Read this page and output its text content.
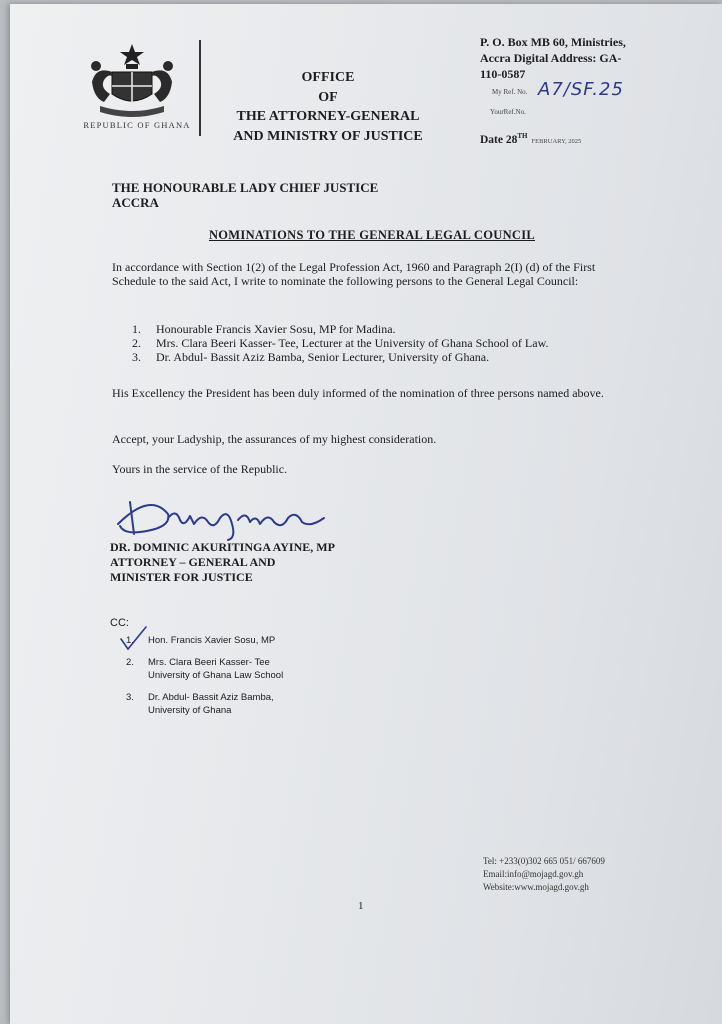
REPUBLIC OF GHANA
OFFICE
OF
THE ATTORNEY-GENERAL
AND MINISTRY OF JUSTICE
P. O. Box MB 60, Ministries,
Accra Digital Address: GA-
110-0587
My Ref. No. A7/SF.25
YourRef.No.
Date 28THFEBRUARY, 2025
THE HONOURABLE LADY CHIEF JUSTICE
ACCRA
NOMINATIONS TO THE GENERAL LEGAL COUNCIL
In accordance with Section 1(2) of the Legal Profession Act, 1960 and Paragraph 2(I) (d) of the First Schedule to the said Act, I write to nominate the following persons to the General Legal Council:
1. Honourable Francis Xavier Sosu, MP for Madina.
2. Mrs. Clara Beeri Kasser- Tee, Lecturer at the University of Ghana School of Law.
3. Dr. Abdul- Bassit Aziz Bamba, Senior Lecturer, University of Ghana.
His Excellency the President has been duly informed of the nomination of three persons named above.
Accept, your Ladyship, the assurances of my highest consideration.
Yours in the service of the Republic.
DR. DOMINIC AKURITINGA AYINE, MP
ATTORNEY – GENERAL AND
MINISTER FOR JUSTICE
CC:
1. Hon. Francis Xavier Sosu, MP
2. Mrs. Clara Beeri Kasser- Tee
University of Ghana Law School
3. Dr. Abdul- Bassit Aziz Bamba,
University of Ghana
Tel: +233(0)302 665 051/ 667609
Email:info@mojagd.gov.gh
Website:www.mojagd.gov.gh
1
